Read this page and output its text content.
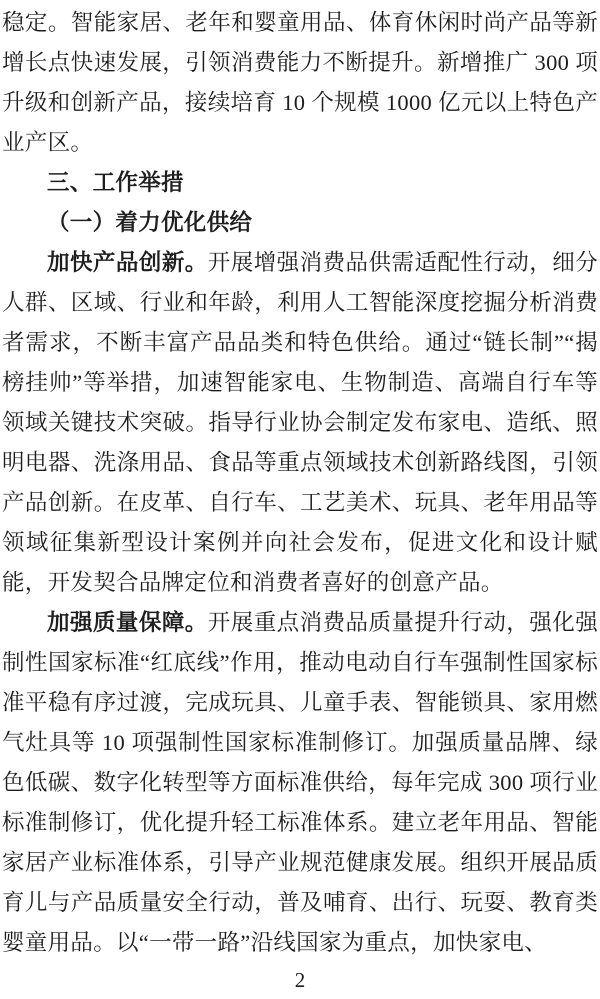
稳定。智能家居、老年和婴童用品、体育休闲时尚产品等新增长点快速发展，引领消费能力不断提升。新增推广 300 项升级和创新产品，接续培育 10 个规模 1000 亿元以上特色产业产区。

三、工作举措

（一）着力优化供给

加快产品创新。开展增强消费品供需适配性行动，细分人群、区域、行业和年龄，利用人工智能深度挖掘分析消费者需求，不断丰富产品品类和特色供给。通过“链长制”“揭榜挂帅”等举措，加速智能家电、生物制造、高端自行车等领域关键技术突破。指导行业协会制定发布家电、造纸、照明电器、洗涤用品、食品等重点领域技术创新路线图，引领产品创新。在皮革、自行车、工艺美术、玩具、老年用品等领域征集新型设计案例并向社会发布，促进文化和设计赋能，开发契合品牌定位和消费者喜好的创意产品。

加强质量保障。开展重点消费品质量提升行动，强化强制性国家标准“红底线”作用，推动电动自行车强制性国家标准平稳有序过渡，完成玩具、儿童手表、智能锁具、家用燃气灶具等 10 项强制性国家标准制修订。加强质量品牌、绿色低碳、数字化转型等方面标准供给，每年完成 300 项行业标准制修订，优化提升轻工标准体系。建立老年用品、智能家居产业标准体系，引导产业规范健康发展。组织开展品质育儿与产品质量安全行动，普及哺育、出行、玩耍、教育类婴童用品。以“一带一路”沿线国家为重点，加快家电、

2
